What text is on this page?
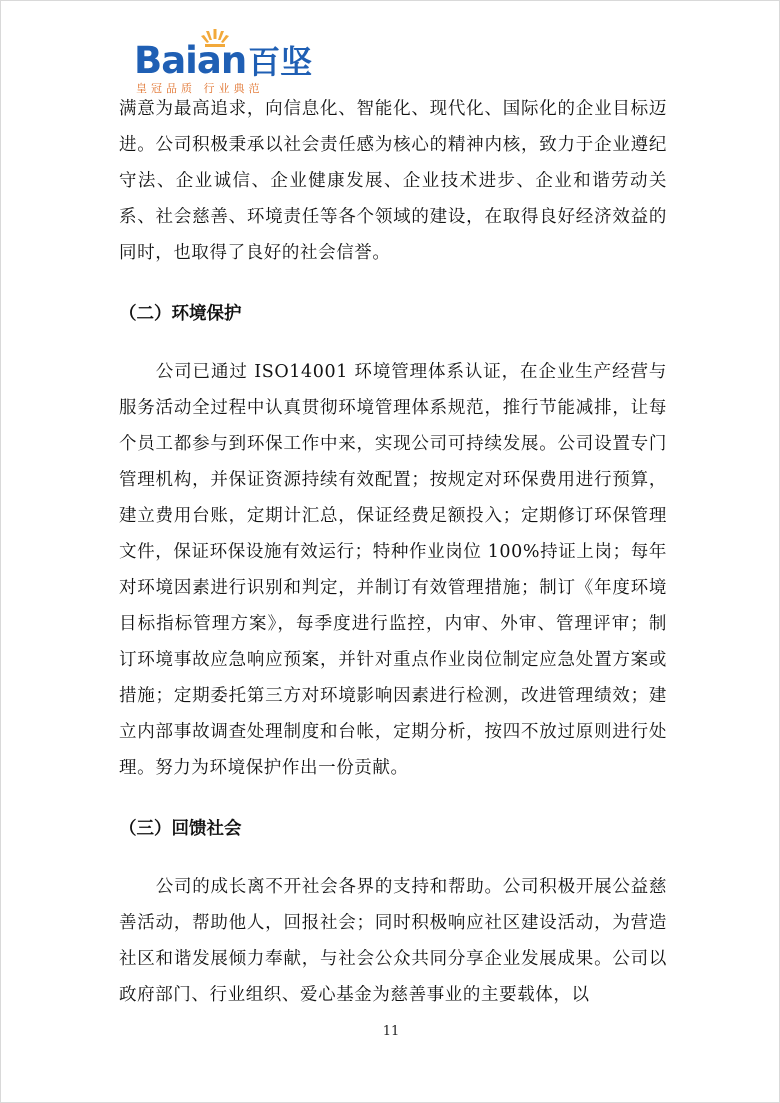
Baian百坚
皇冠品质 行业典范

满意为最高追求，向信息化、智能化、现代化、国际化的企业目标迈进。公司积极秉承以社会责任感为核心的精神内核，致力于企业遵纪守法、企业诚信、企业健康发展、企业技术进步、企业和谐劳动关系、社会慈善、环境责任等各个领域的建设，在取得良好经济效益的同时，也取得了良好的社会信誉。

（二）环境保护

公司已通过 ISO14001 环境管理体系认证，在企业生产经营与服务活动全过程中认真贯彻环境管理体系规范，推行节能减排，让每个员工都参与到环保工作中来，实现公司可持续发展。公司设置专门管理机构，并保证资源持续有效配置；按规定对环保费用进行预算，建立费用台账，定期计汇总，保证经费足额投入；定期修订环保管理文件，保证环保设施有效运行；特种作业岗位 100%持证上岗；每年对环境因素进行识别和判定，并制订有效管理措施；制订《年度环境目标指标管理方案》，每季度进行监控，内审、外审、管理评审；制订环境事故应急响应预案，并针对重点作业岗位制定应急处置方案或措施；定期委托第三方对环境影响因素进行检测，改进管理绩效；建立内部事故调查处理制度和台帐，定期分析，按四不放过原则进行处理。努力为环境保护作出一份贡献。

（三）回馈社会

公司的成长离不开社会各界的支持和帮助。公司积极开展公益慈善活动，帮助他人，回报社会；同时积极响应社区建设活动，为营造社区和谐发展倾力奉献，与社会公众共同分享企业发展成果。公司以政府部门、行业组织、爱心基金为慈善事业的主要载体，以

11
